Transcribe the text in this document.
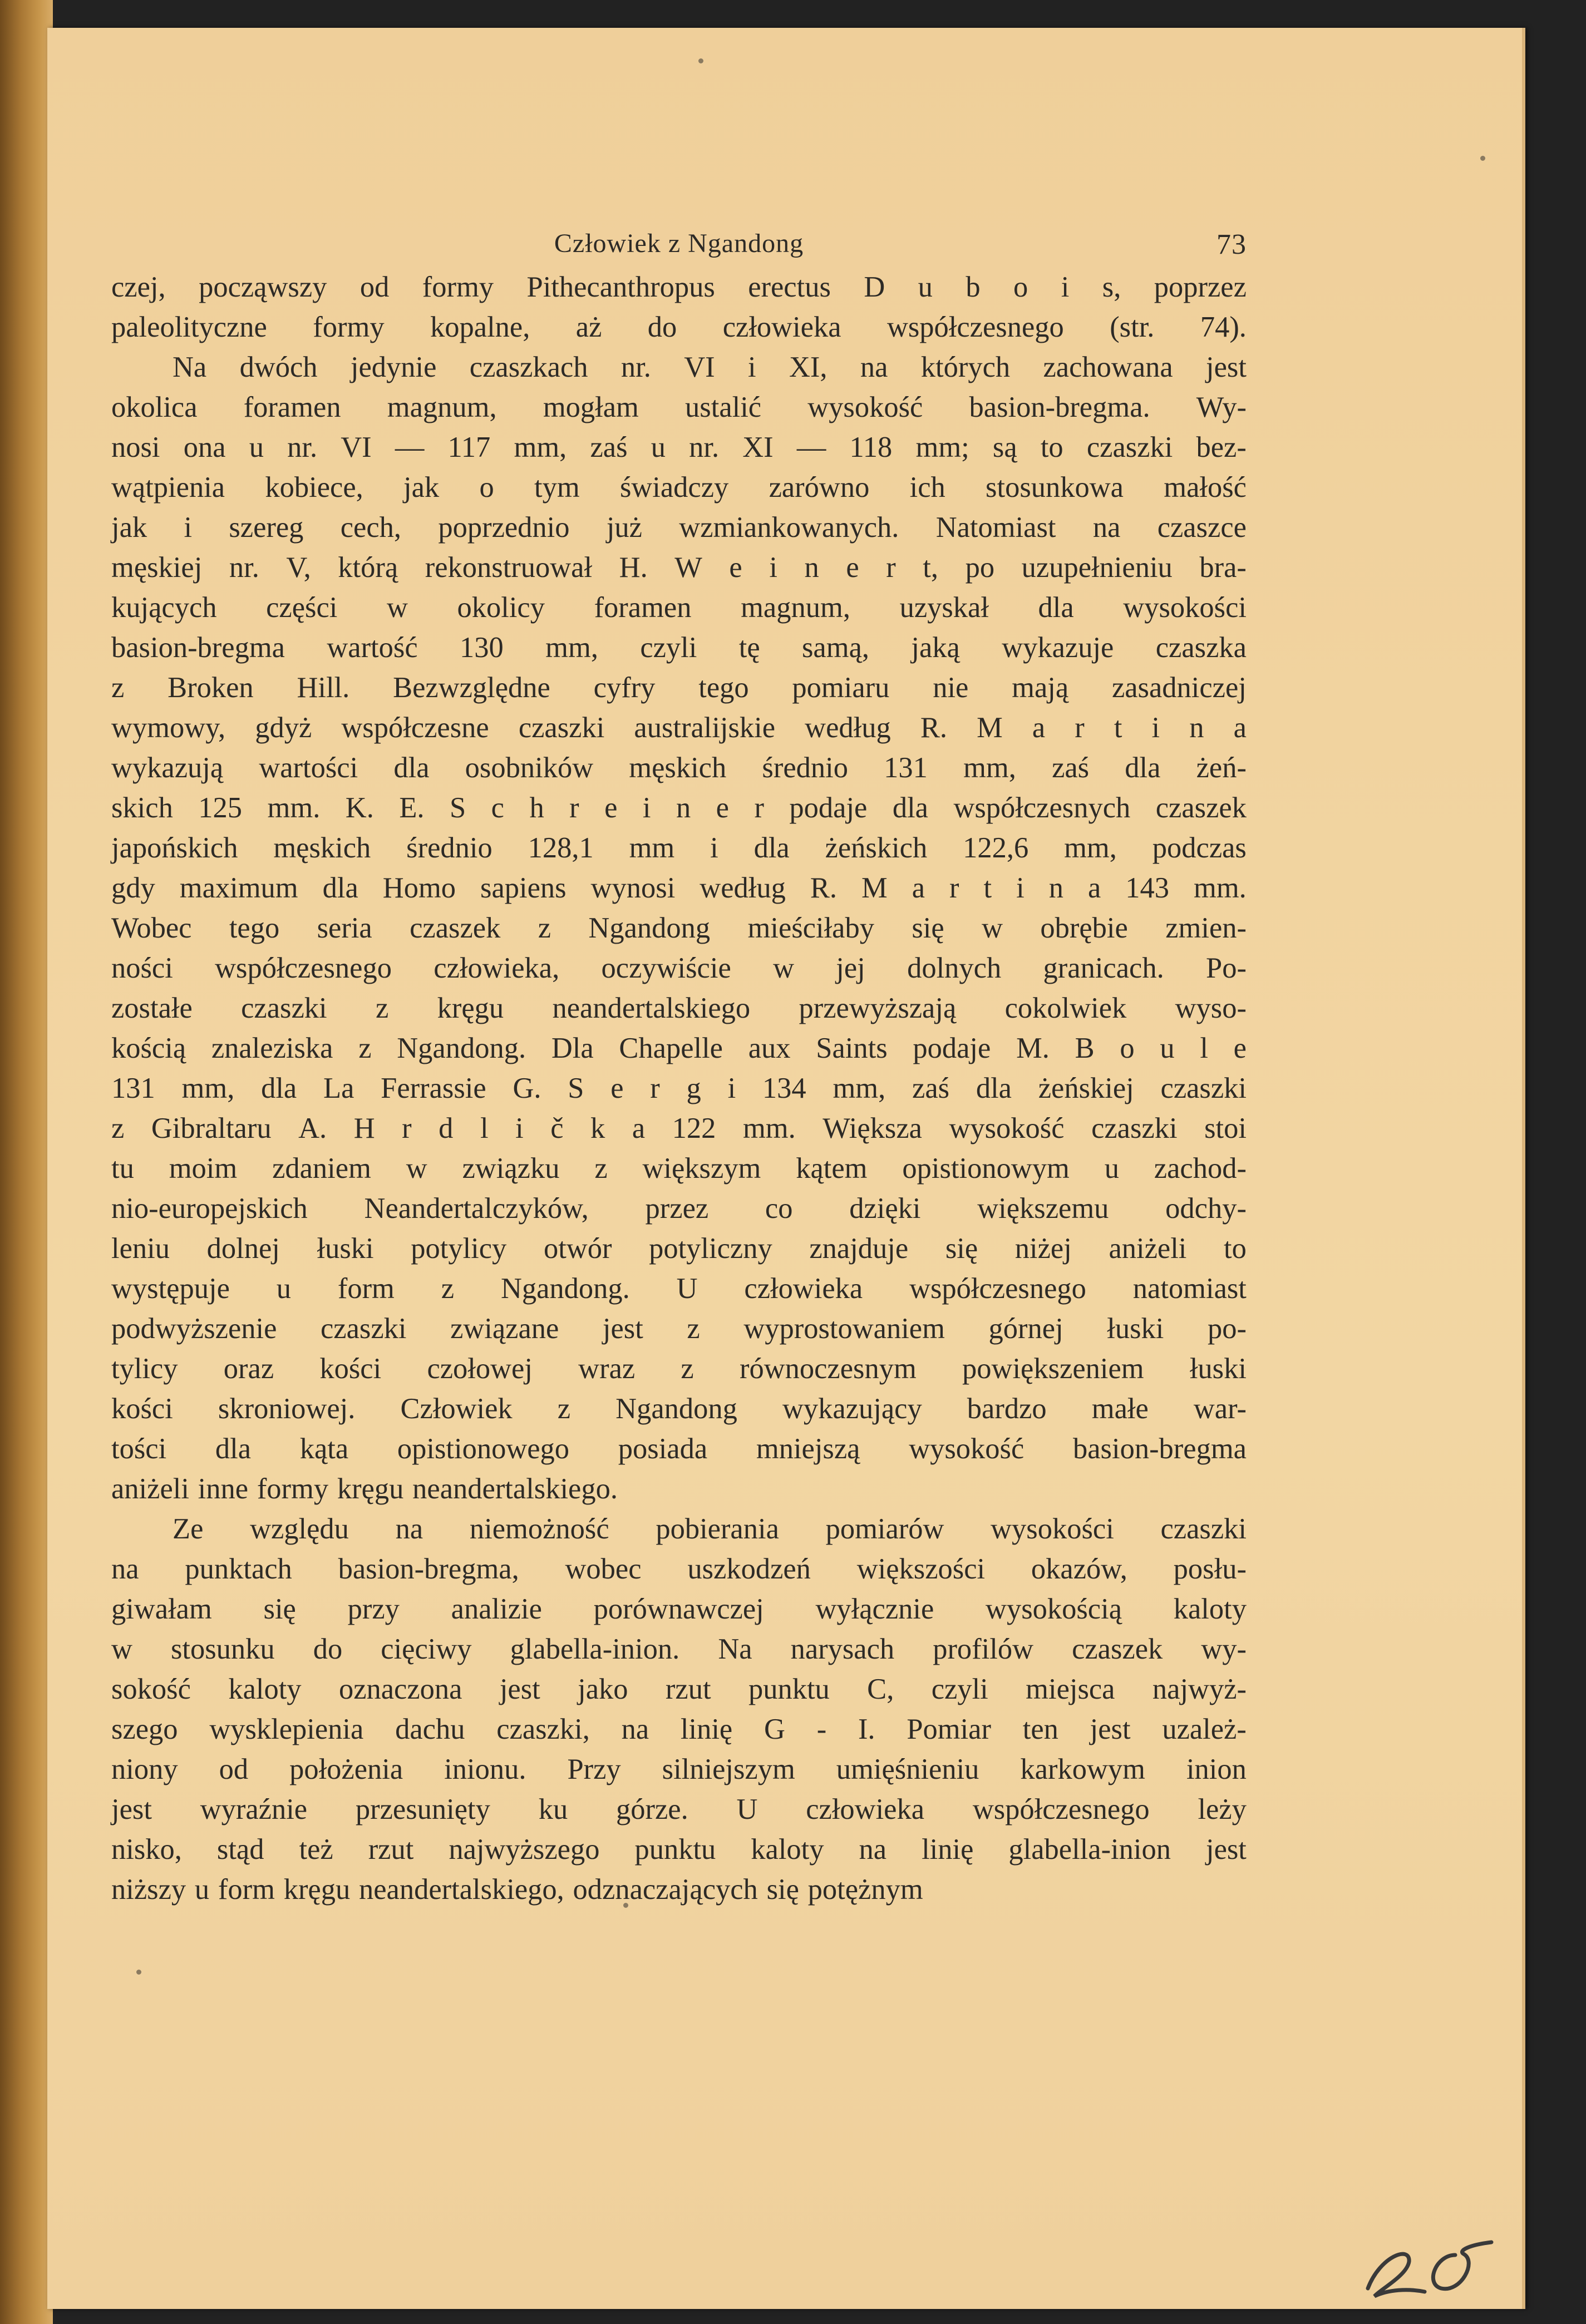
Człowiek z Ngandong	73
czej, począwszy od formy Pithecanthropus erectus D u b o i s, poprzez
paleolityczne formy kopalne, aż do człowieka współczesnego (str. 74).
Na dwóch jedynie czaszkach nr. VI i XI, na których zachowana jest
okolica foramen magnum, mogłam ustalić wysokość basion-bregma. Wy-
nosi ona u nr. VI — 117 mm, zaś u nr. XI — 118 mm; są to czaszki bez-
wątpienia kobiece, jak o tym świadczy zarówno ich stosunkowa małość
jak i szereg cech, poprzednio już wzmiankowanych. Natomiast na czaszce
męskiej nr. V, którą rekonstruował H. W e i n e r t, po uzupełnieniu bra-
kujących części w okolicy foramen magnum, uzyskał dla wysokości
basion-bregma wartość 130 mm, czyli tę samą, jaką wykazuje czaszka
z Broken Hill. Bezwzględne cyfry tego pomiaru nie mają zasadniczej
wymowy, gdyż współczesne czaszki australijskie według R. M a r t i n a
wykazują wartości dla osobników męskich średnio 131 mm, zaś dla żeń-
skich 125 mm. K. E. S c h r e i n e r podaje dla współczesnych czaszek
japońskich męskich średnio 128,1 mm i dla żeńskich 122,6 mm, podczas
gdy maximum dla Homo sapiens wynosi według R. M a r t i n a 143 mm.
Wobec tego seria czaszek z Ngandong mieściłaby się w obrębie zmien-
ności współczesnego człowieka, oczywiście w jej dolnych granicach. Po-
zostałe czaszki z kręgu neandertalskiego przewyższają cokolwiek wyso-
kością znaleziska z Ngandong. Dla Chapelle aux Saints podaje M. B o u l e
131 mm, dla La Ferrassie G. S e r g i 134 mm, zaś dla żeńskiej czaszki
z Gibraltaru A. H r d l i č k a 122 mm. Większa wysokość czaszki stoi
tu moim zdaniem w związku z większym kątem opistionowym u zachod-
nio-europejskich Neandertalczyków, przez co dzięki większemu odchy-
leniu dolnej łuski potylicy otwór potyliczny znajduje się niżej aniżeli to
występuje u form z Ngandong. U człowieka współczesnego natomiast
podwyższenie czaszki związane jest z wyprostowaniem górnej łuski po-
tylicy oraz kości czołowej wraz z równoczesnym powiększeniem łuski
kości skroniowej. Człowiek z Ngandong wykazujący bardzo małe war-
tości dla kąta opistionowego posiada mniejszą wysokość basion-bregma
aniżeli inne formy kręgu neandertalskiego.
Ze względu na niemożność pobierania pomiarów wysokości czaszki
na punktach basion-bregma, wobec uszkodzeń większości okazów, posłu-
giwałam się przy analizie porównawczej wyłącznie wysokością kaloty
w stosunku do cięciwy glabella-inion. Na narysach profilów czaszek wy-
sokość kaloty oznaczona jest jako rzut punktu C, czyli miejsca najwyż-
szego wysklepienia dachu czaszki, na linię G - I. Pomiar ten jest uzależ-
niony od położenia inionu. Przy silniejszym umięśnieniu karkowym inion
jest wyraźnie przesunięty ku górze. U człowieka współczesnego leży
nisko, stąd też rzut najwyższego punktu kaloty na linię glabella-inion jest
niższy u form kręgu neandertalskiego, odznaczających się potężnym
